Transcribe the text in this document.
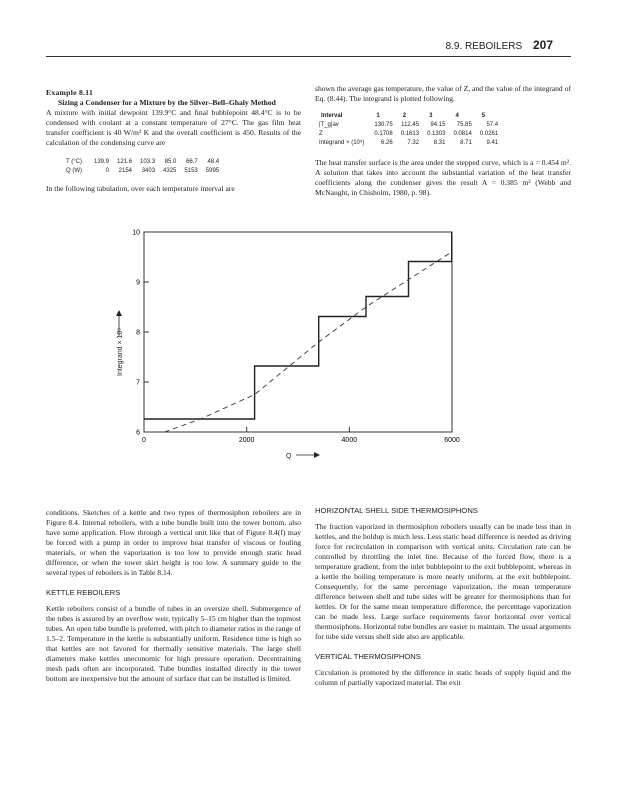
8.9. REBOILERS 207
Example 8.11
Sizing a Condenser for a Mixture by the Silver–Bell–Ghaly Method

A mixture with initial dewpoint 139.9°C and final bubblepoint 48.4°C is to be condensed with coolant at a constant temperature of 27°C. The gas film heat transfer coefficient is 40 W/m² K and the overall coefficient is 450. Results of the calculation of the condensing curve are

T (°C)	139.9	121.6	103.3	85.0	66.7	48.4
Q (W)	0	2154	3403	4325	5153	5995

In the following tabulation, over each temperature interval are

shown the average gas temperature, the value of Z, and the value of the integrand of Eq. (8.44). The integrand is plotted following.

Interval	1	2	3	4	5
|T_g|av	130.75	112.45	94.15	75.85	57.4
Z	0.1708	0.1613	0.1303	0.0814	0.0261
Integrand × (10⁵)	6.26	7.32	8.31	8.71	9.41

The heat transfer surface is the area under the stepped curve, which is a = 0.454 m². A solution that takes into account the substantial variation of the heat transfer coefficients along the condenser gives the result A = 0.385 m² (Webb and McNaught, in Chisholm, 1980, p. 98).

6
7
8
9
10
0	2000	4000	6000
Integrand × 10⁵
Q

conditions. Sketches of a kettle and two types of thermosiphon reboilers are in Figure 8.4. Internal reboilers, with a tube bundle built into the tower bottom, also have some application. Flow through a vertical unit like that of Figure 8.4(f) may be forced with a pump in order to improve heat transfer of viscous or fouling materials, or when the vaporization is too low to provide enough static head difference, or when the tower skirt height is too low. A summary guide to the several types of reboilers is in Table 8.14.

KETTLE REBOILERS

Kettle reboilers consist of a bundle of tubes in an oversize shell. Submergence of the tubes is assured by an overflow weir, typically 5–15 cm higher than the topmost tubes. An open tube bundle is preferred, with pitch to diameter ratios in the range of 1.5–2. Temperature in the kettle is substantially uniform. Residence time is high so that kettles are not favored for thermally sensitive materials. The large shell diameters make kettles uneconomic for high pressure operation. Decentraining mesh pads often are incorporated. Tube bundles installed directly in the tower bottom are inexpensive but the amount of surface that can be installed is limited.

HORIZONTAL SHELL SIDE THERMOSIPHONS

The fraction vaporized in thermosiphon reboilers usually can be made less than in kettles, and the holdup is much less. Less static head difference is needed as driving force for recirculation in comparison with vertical units. Circulation rate can be controlled by throttling the inlet line. Because of the forced flow, there is a temperature gradient, from the inlet bubblepoint to the exit bubblepoint, whereas in a kettle the boiling temperature is more nearly uniform, at the exit bubblepoint. Consequently, for the same percentage vaporization, the mean temperature difference between shell and tube sides will be greater for thermosiphons than for kettles. Or for the same mean temperature difference, the percentage vaporization can be made less. Large surface requirements favor horizontal over vertical thermosiphons. Horizontal tube bundles are easier to maintain. The usual arguments for tube side versus shell side also are applicable.

VERTICAL THERMOSIPHONS

Circulation is promoted by the difference in static heads of supply liquid and the column of partially vaporized material. The exit
